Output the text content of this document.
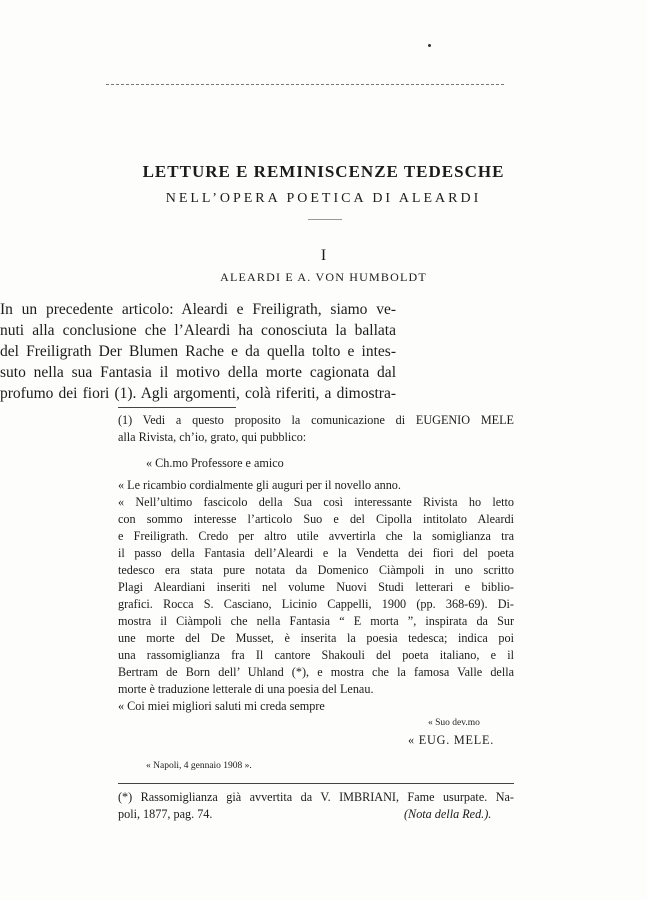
LETTURE E REMINISCENZE TEDESCHE
NELL’OPERA POETICA DI ALEARDI
I
ALEARDI E A. VON HUMBOLDT
In un precedente articolo: Aleardi e Freiligrath, siamo ve-
nuti alla conclusione che l’Aleardi ha conosciuta la ballata
del Freiligrath Der Blumen Rache e da quella tolto e intes-
suto nella sua Fantasia il motivo della morte cagionata dal
profumo dei fiori (1). Agli argomenti, colà riferiti, a dimostra-
(1) Vedi a questo proposito la comunicazione di EUGENIO MELE
alla Rivista, ch’io, grato, qui pubblico:
« Ch.mo Professore e amico
« Le ricambio cordialmente gli auguri per il novello anno.
« Nell’ultimo fascicolo della Sua così interessante Rivista ho letto
con sommo interesse l’articolo Suo e del Cipolla intitolato Aleardi
e Freiligrath. Credo per altro utile avvertirla che la somiglianza tra
il passo della Fantasia dell’Aleardi e la Vendetta dei fiori del poeta
tedesco era stata pure notata da Domenico Ciàmpoli in uno scritto
Plagi Aleardiani inseriti nel volume Nuovi Studi letterari e biblio-
grafici. Rocca S. Casciano, Licinio Cappelli, 1900 (pp. 368-69). Di-
mostra il Ciàmpoli che nella Fantasia “ E morta ”, inspirata da Sur
une morte del De Musset, è inserita la poesia tedesca; indica poi
una rassomiglianza fra Il cantore Shakouli del poeta italiano, e il
Bertram de Born dell’ Uhland (*), e mostra che la famosa Valle della
morte è traduzione letterale di una poesia del Lenau.
« Coi miei migliori saluti mi creda sempre
« Suo dev.mo
« EUG. MELE.
« Napoli, 4 gennaio 1908 ».
(*) Rassomiglianza già avvertita da V. IMBRIANI, Fame usurpate. Na-
poli, 1877, pag. 74.	(Nota della Red.).
